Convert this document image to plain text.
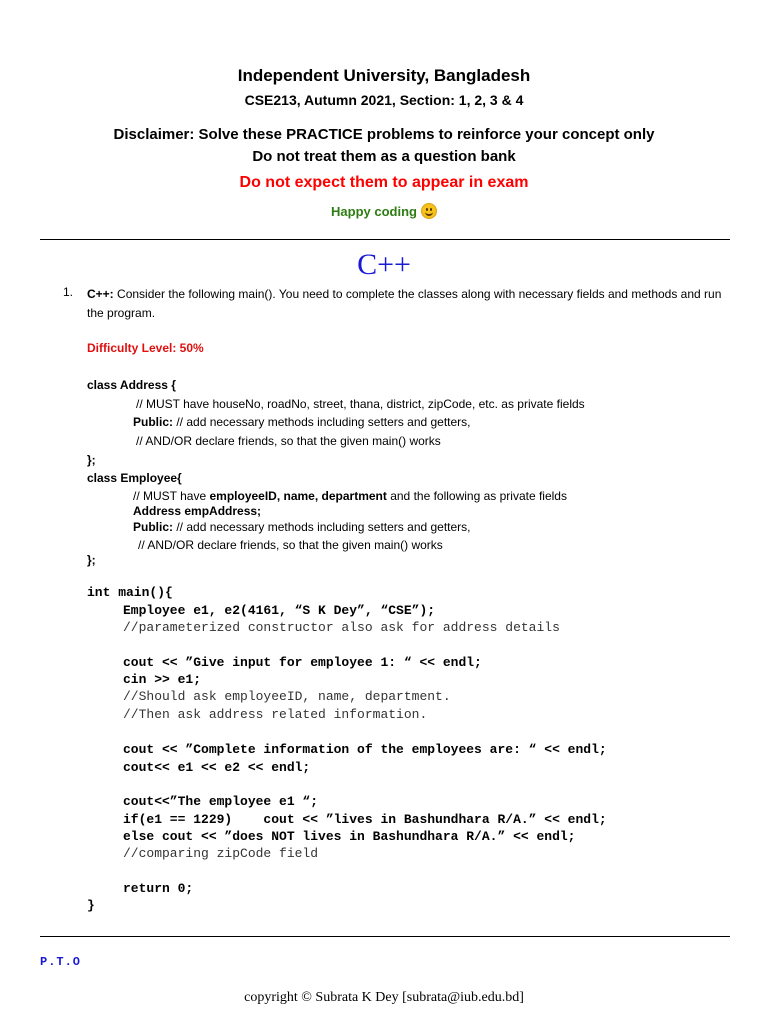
Independent University, Bangladesh
CSE213, Autumn 2021, Section: 1, 2, 3 & 4
Disclaimer: Solve these PRACTICE problems to reinforce your concept only
Do not treat them as a question bank
Do not expect them to appear in exam
Happy coding
C++
1. C++: Consider the following main(). You need to complete the classes along with necessary fields and methods and run the program.
Difficulty Level: 50%
class Address {
// MUST have houseNo, roadNo, street, thana, district, zipCode, etc. as private fields
Public: // add necessary methods including setters and getters,
// AND/OR declare friends, so that the given main() works
};
class Employee{
// MUST have employeeID, name, department and the following as private fields
Address empAddress;
Public: // add necessary methods including setters and getters,
// AND/OR declare friends, so that the given main() works
};
int main(){
Employee e1, e2(4161, “S K Dey”, “CSE”);
//parameterized constructor also ask for address details
cout << ”Give input for employee 1: “ << endl;
cin >> e1;
//Should ask employeeID, name, department.
//Then ask address related information.
cout << ”Complete information of the employees are: “ << endl;
cout<< e1 << e2 << endl;
cout<<”The employee e1 “;
if(e1 == 1229)    cout << ”lives in Bashundhara R/A.” << endl;
else cout << ”does NOT lives in Bashundhara R/A.” << endl;
//comparing zipCode field
return 0;
}
P.T.O
copyright © Subrata K Dey [subrata@iub.edu.bd]
